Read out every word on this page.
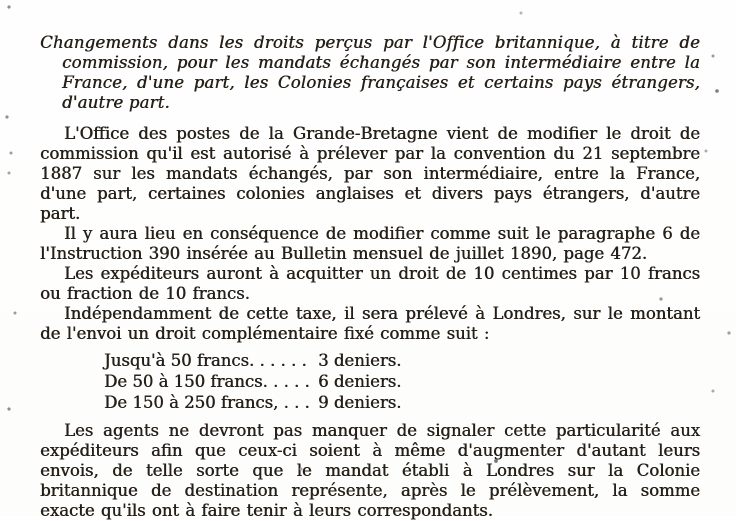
Changements dans les droits perçus par l'Office britannique, à titre de commission, pour les mandats échangés par son intermédiaire entre la France, d'une part, les Colonies françaises et certains pays étrangers, d'autre part.

L'Office des postes de la Grande-Bretagne vient de modifier le droit de commission qu'il est autorisé à prélever par la convention du 21 septembre 1887 sur les mandats échangés, par son intermédiaire, entre la France, d'une part, certaines colonies anglaises et divers pays étrangers, d'autre part.

Il y aura lieu en conséquence de modifier comme suit le paragraphe 6 de l'Instruction 390 insérée au Bulletin mensuel de juillet 1890, page 472.

Les expéditeurs auront à acquitter un droit de 10 centimes par 10 francs ou fraction de 10 francs.

Indépendamment de cette taxe, il sera prélevé à Londres, sur le montant de l'envoi un droit complémentaire fixé comme suit :

Jusqu'à 50 francs. . . . . . 3 deniers.
De 50 à 150 francs. . . . . 6 deniers.
De 150 à 250 francs, . . . 9 deniers.

Les agents ne devront pas manquer de signaler cette particularité aux expéditeurs afin que ceux-ci soient à même d'augmenter d'autant leurs envois, de telle sorte que le mandat établi à Londres sur la Colonie britannique de destination représente, après le prélèvement, la somme exacte qu'ils ont à faire tenir à leurs correspondants.
